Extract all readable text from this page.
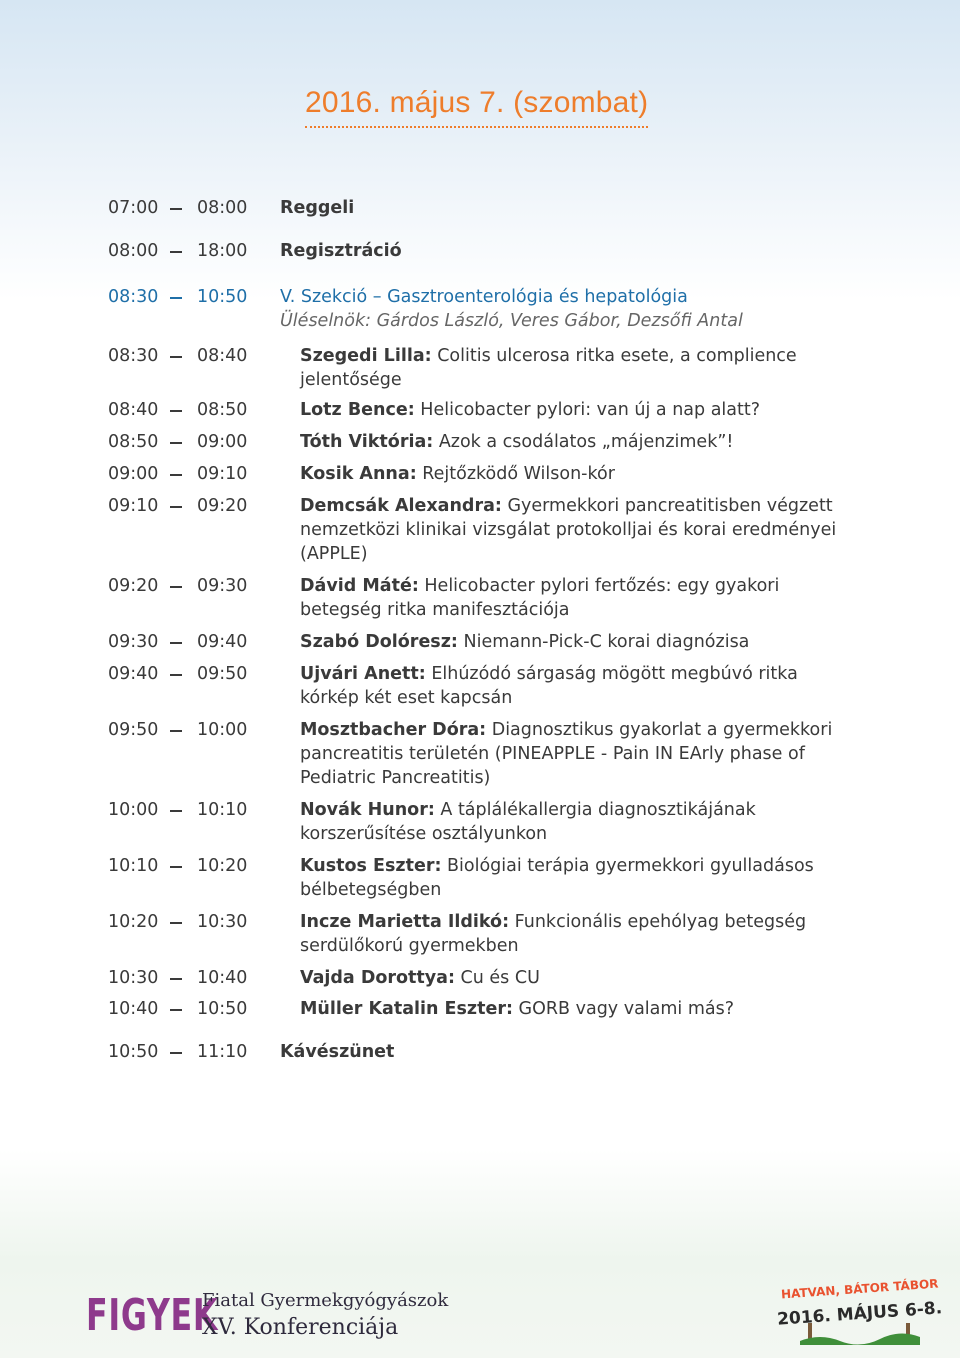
2016. május 7. (szombat)
07:00 08:00 Reggeli
08:00 18:00 Regisztráció
08:30 10:50 V. Szekció – Gasztroenterológia és hepatológia
Üléselnök: Gárdos László, Veres Gábor, Dezsőfi Antal
08:30 08:40	Szegedi Lilla: Colitis ulcerosa ritka esete, a complience jelentősége
08:40 08:50	Lotz Bence: Helicobacter pylori: van új a nap alatt?
08:50 09:00	Tóth Viktória: Azok a csodálatos „májenzimek”!
09:00 09:10	Kosik Anna: Rejtőzködő Wilson-kór
09:10 09:20	Demcsák Alexandra: Gyermekkori pancreatitisben végzett nemzetközi klinikai vizsgálat protokolljai és korai eredményei (APPLE)
09:20 09:30	Dávid Máté: Helicobacter pylori fertőzés: egy gyakori betegség ritka manifesztációja
09:30 09:40	Szabó Dolóresz: Niemann-Pick-C korai diagnózisa
09:40 09:50	Ujvári Anett: Elhúzódó sárgaság mögött megbúvó ritka kórkép két eset kapcsán
09:50 10:00	Mosztbacher Dóra: Diagnosztikus gyakorlat a gyermekkori pancreatitis területén (PINEAPPLE - Pain IN EArly phase of Pediatric Pancreatitis)
10:00 10:10	Novák Hunor: A táplálékallergia diagnosztikájának korszerűsítése osztályunkon
10:10 10:20	Kustos Eszter: Biológiai terápia gyermekkori gyulladásos bélbetegségben
10:20 10:30	Incze Marietta Ildikó: Funkcionális epehólyag betegség serdülőkorú gyermekben
10:30 10:40	Vajda Dorottya: Cu és CU
10:40 10:50	Müller Katalin Eszter: GORB vagy valami más?
10:50 11:10 Kávészünet
FIGYEK
Fiatal Gyermekgyógyászok
XV. Konferenciája
HATVAN, BÁTOR TÁBOR
2016. MÁJUS 6-8.
